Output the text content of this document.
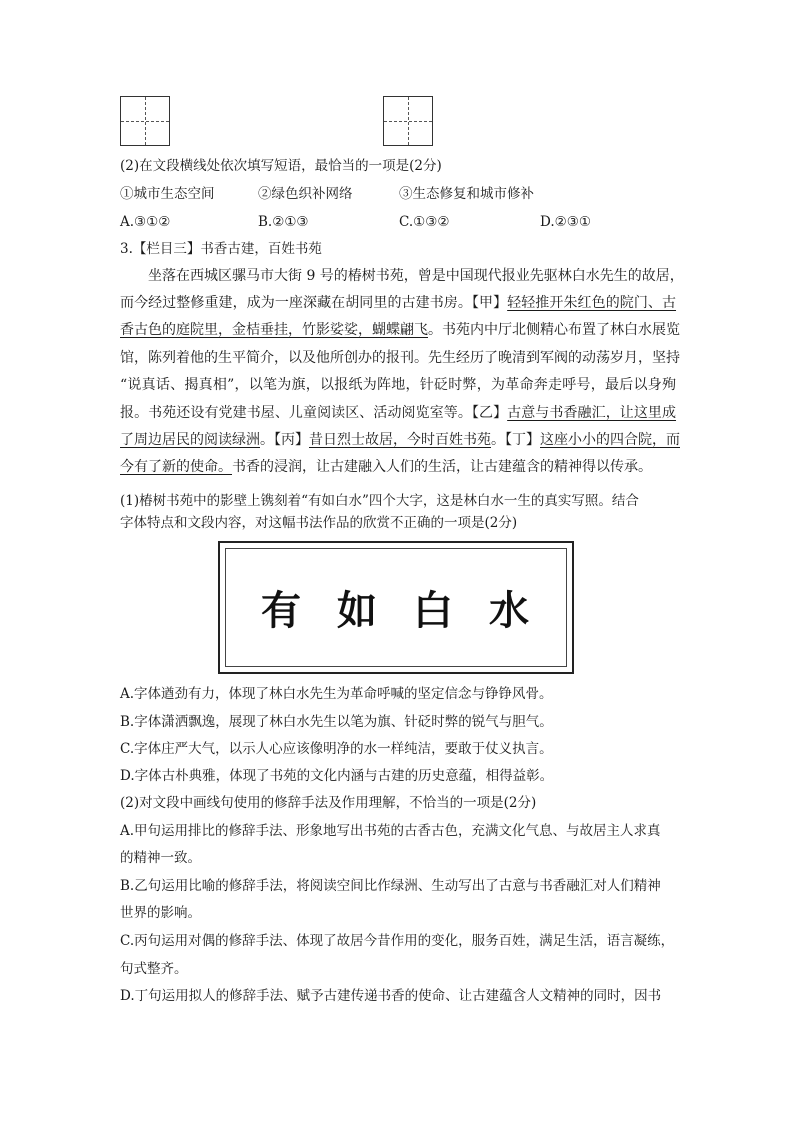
(2)在文段横线处依次填写短语，最恰当的一项是(2分)
①城市生态空间	②绿色织补网络	③生态修复和城市修补
A.③①②	B.②①③	C.①③②	D.②③①
3.【栏目三】书香古建，百姓书苑
坐落在西城区骡马市大街 9 号的椿树书苑，曾是中国现代报业先驱林白水先生的故居，
而今经过整修重建，成为一座深藏在胡同里的古建书房。【甲】轻轻推开朱红色的院门、古
香古色的庭院里，金桔垂挂，竹影娑娑，蝴蝶翩飞。书苑内中厅北侧精心布置了林白水展览
馆，陈列着他的生平简介，以及他所创办的报刊。先生经历了晚清到军阀的动荡岁月，坚持
“说真话、揭真相”，以笔为旗，以报纸为阵地，针砭时弊，为革命奔走呼号，最后以身殉
报。书苑还设有党建书屋、儿童阅读区、活动阅览室等。【乙】古意与书香融汇，让这里成
了周边居民的阅读绿洲。【丙】昔日烈士故居，今时百姓书苑。【丁】这座小小的四合院，而
今有了新的使命。书香的浸润，让古建融入人们的生活，让古建蕴含的精神得以传承。
(1)椿树书苑中的影壁上镌刻着“有如白水”四个大字，这是林白水一生的真实写照。结合
字体特点和文段内容，对这幅书法作品的欣赏不正确的一项是(2分)
有 如 白 水
A.字体遒劲有力，体现了林白水先生为革命呼喊的坚定信念与铮铮风骨。
B.字体潇洒飘逸，展现了林白水先生以笔为旗、针砭时弊的锐气与胆气。
C.字体庄严大气，以示人心应该像明净的水一样纯洁，要敢于仗义执言。
D.字体古朴典雅，体现了书苑的文化内涵与古建的历史意蕴，相得益彰。
(2)对文段中画线句使用的修辞手法及作用理解，不恰当的一项是(2分)
A.甲句运用排比的修辞手法、形象地写出书苑的古香古色，充满文化气息、与故居主人求真
的精神一致。
B.乙句运用比喻的修辞手法，将阅读空间比作绿洲、生动写出了古意与书香融汇对人们精神
世界的影响。
C.丙句运用对偶的修辞手法、体现了故居今昔作用的变化，服务百姓，满足生活，语言凝练，
句式整齐。
D.丁句运用拟人的修辞手法、赋予古建传递书香的使命、让古建蕴含人文精神的同时，因书
